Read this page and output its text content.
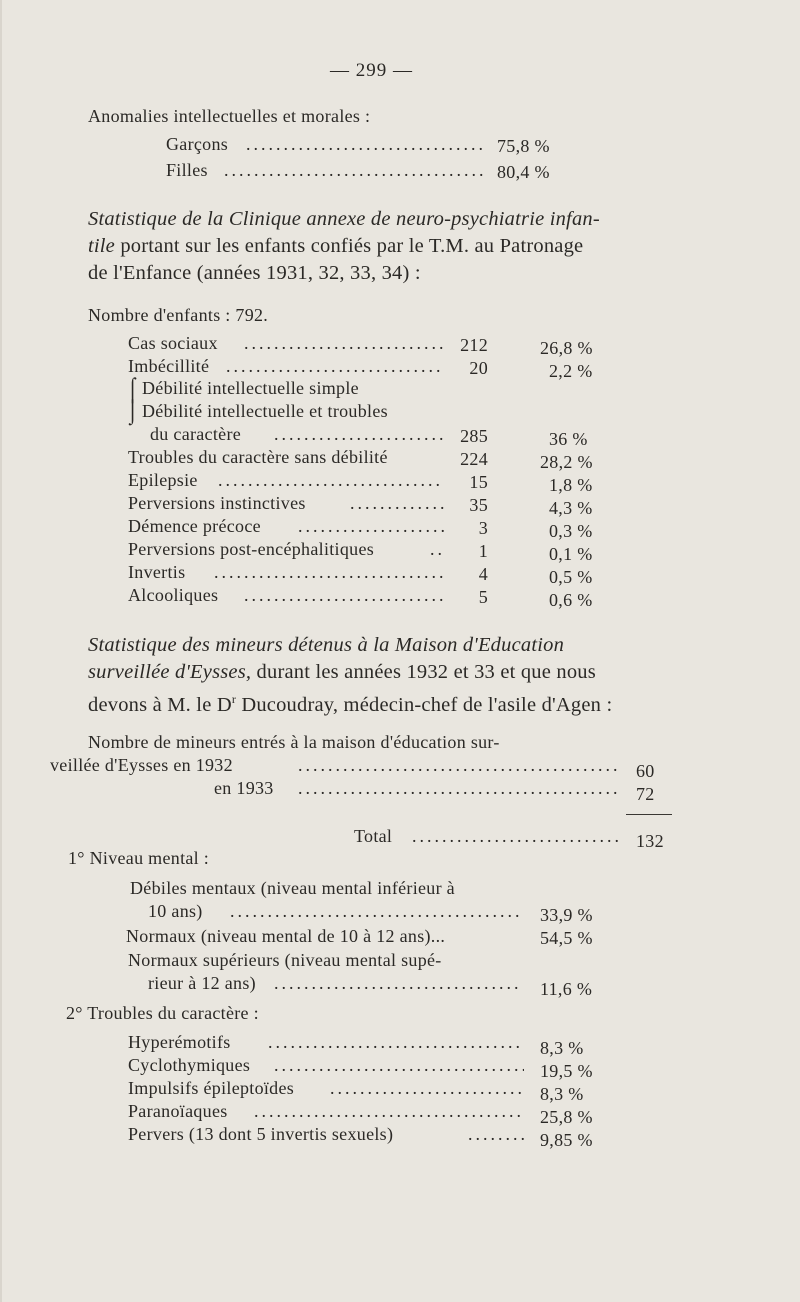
— 299 —
Anomalies intellectuelles et morales :
Garçons .....	75,8 %
Filles .....	80,4 %
Statistique de la Clinique annexe de neuro-psychiatrie infan-
tile portant sur les enfants confiés par le T.M. au Patronage
de l'Enfance (années 1931, 32, 33, 34) :
Nombre d'enfants : 792.
Cas sociaux .....	212	26,8 %
Imbécillité .....	20	2,2 %
⌠
⌡
Débilité intellectuelle simple
Débilité intellectuelle et troubles
du caractère .....	285	36 %
Troubles du caractère sans débilité	224	28,2 %
Epilepsie .....	15	1,8 %
Perversions instinctives .....	35	4,3 %
Démence précoce .....	3	0,3 %
Perversions post-encéphalitiques .....	1	0,1 %
Invertis .....	4	0,5 %
Alcooliques .....	5	0,6 %
Statistique des mineurs détenus à la Maison d'Education
surveillée d'Eysses, durant les années 1932 et 33 et que nous
devons à M. le $D^r$ Ducoudray, médecin-chef de l'asile d'Agen :
Nombre de mineurs entrés à la maison d'éducation sur-
veillée d'Eysses en 1932 .....	60
en 1933 .....	72
Total .....	132
1° Niveau mental :
Débiles mentaux (niveau mental inférieur à
10 ans) .....	33,9 %
Normaux (niveau mental de 10 à 12 ans)...	54,5 %
Normaux supérieurs (niveau mental supé-
rieur à 12 ans) .....	11,6 %
2° Troubles du caractère :
Hyperémotifs .....	8,3 %
Cyclothymiques .....	19,5 %
Impulsifs épileptoïdes .....	8,3 %
Paranoïaques .....	25,8 %
Pervers (13 dont 5 invertis sexuels) .....	9,85 %
